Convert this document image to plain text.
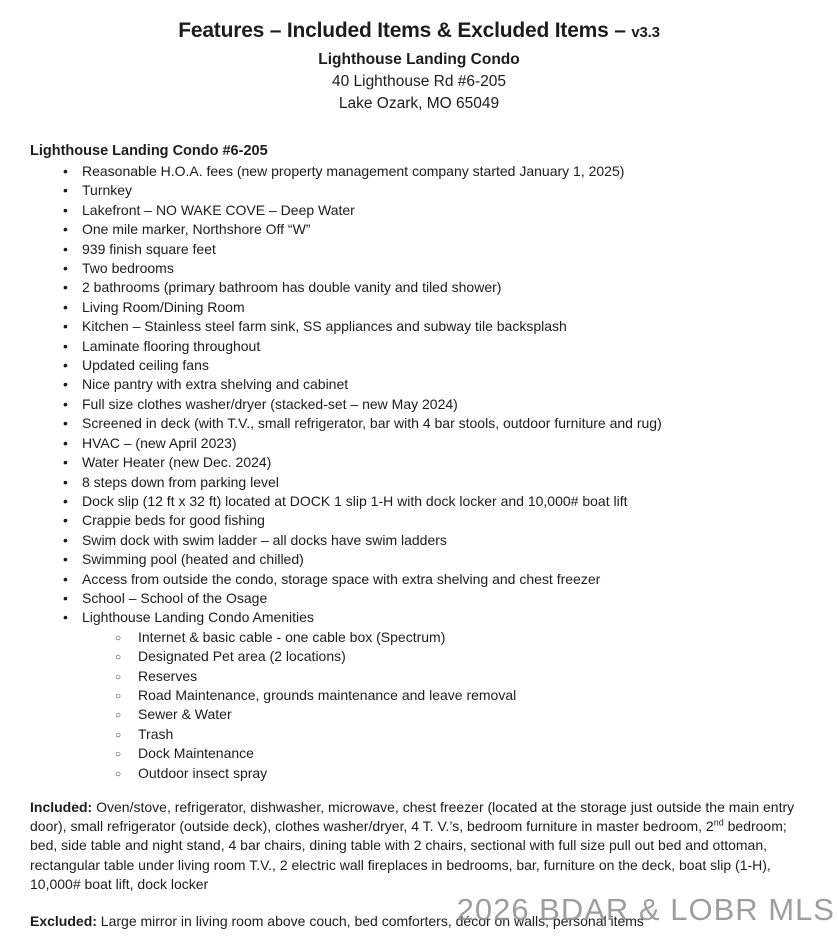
Features – Included Items & Excluded Items – v3.3
Lighthouse Landing Condo
40 Lighthouse Rd #6-205
Lake Ozark, MO 65049
Lighthouse Landing Condo #6-205
• Reasonable H.O.A. fees (new property management company started January 1, 2025)
• Turnkey
• Lakefront – NO WAKE COVE – Deep Water
• One mile marker, Northshore Off “W”
• 939 finish square feet
• Two bedrooms
• 2 bathrooms (primary bathroom has double vanity and tiled shower)
• Living Room/Dining Room
• Kitchen – Stainless steel farm sink, SS appliances and subway tile backsplash
• Laminate flooring throughout
• Updated ceiling fans
• Nice pantry with extra shelving and cabinet
• Full size clothes washer/dryer (stacked-set – new May 2024)
• Screened in deck (with T.V., small refrigerator, bar with 4 bar stools, outdoor furniture and rug)
• HVAC – (new April 2023)
• Water Heater (new Dec. 2024)
• 8 steps down from parking level
• Dock slip (12 ft x 32 ft) located at DOCK 1 slip 1-H with dock locker and 10,000# boat lift
• Crappie beds for good fishing
• Swim dock with swim ladder – all docks have swim ladders
• Swimming pool (heated and chilled)
• Access from outside the condo, storage space with extra shelving and chest freezer
• School – School of the Osage
• Lighthouse Landing Condo Amenities
○ Internet & basic cable - one cable box (Spectrum)
○ Designated Pet area (2 locations)
○ Reserves
○ Road Maintenance, grounds maintenance and leave removal
○ Sewer & Water
○ Trash
○ Dock Maintenance
○ Outdoor insect spray
Included: Oven/stove, refrigerator, dishwasher, microwave, chest freezer (located at the storage just outside the main entry door), small refrigerator (outside deck), clothes washer/dryer, 4 T. V.’s, bedroom furniture in master bedroom, 2nd bedroom; bed, side table and night stand, 4 bar chairs, dining table with 2 chairs, sectional with full size pull out bed and ottoman, rectangular table under living room T.V., 2 electric wall fireplaces in bedrooms, bar, furniture on the deck, boat slip (1-H), 10,000# boat lift, dock locker
Excluded: Large mirror in living room above couch, bed comforters, décor on walls; personal items
2026 BDAR & LOBR MLS
